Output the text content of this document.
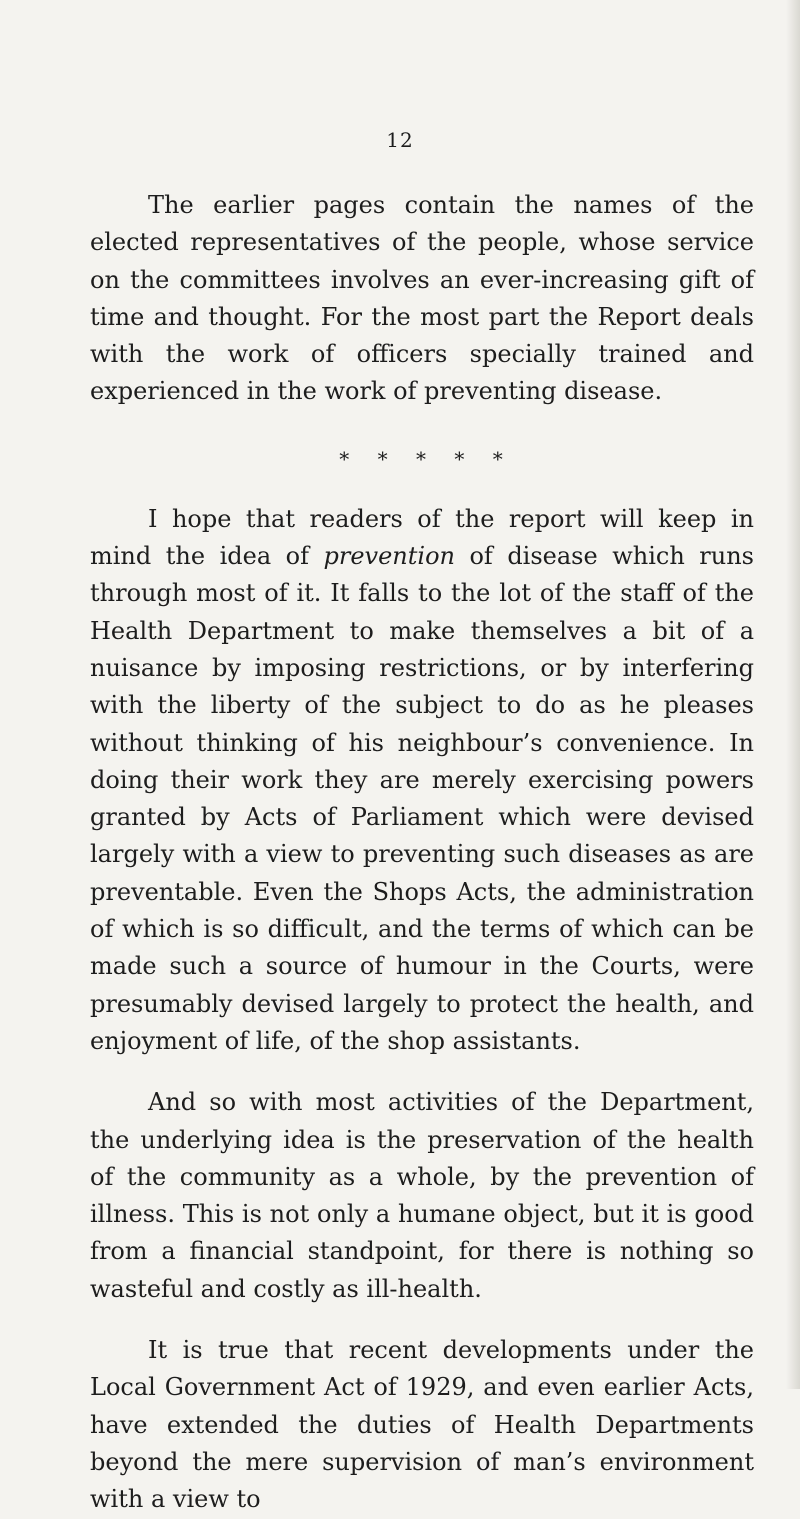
12

The earlier pages contain the names of the elected representatives of the people, whose service on the committees involves an ever-increasing gift of time and thought. For the most part the Report deals with the work of officers specially trained and experienced in the work of preventing disease.

* * * * *

I hope that readers of the report will keep in mind the idea of prevention of disease which runs through most of it. It falls to the lot of the staff of the Health Department to make themselves a bit of a nuisance by imposing restrictions, or by interfering with the liberty of the subject to do as he pleases without thinking of his neighbour’s convenience. In doing their work they are merely exercising powers granted by Acts of Parliament which were devised largely with a view to preventing such diseases as are preventable. Even the Shops Acts, the administration of which is so difficult, and the terms of which can be made such a source of humour in the Courts, were presumably devised largely to protect the health, and enjoyment of life, of the shop assistants.

And so with most activities of the Department, the underlying idea is the preservation of the health of the community as a whole, by the prevention of illness. This is not only a humane object, but it is good from a financial standpoint, for there is nothing so wasteful and costly as ill-health.

It is true that recent developments under the Local Government Act of 1929, and even earlier Acts, have extended the duties of Health Departments beyond the mere supervision of man’s environment with a view to
